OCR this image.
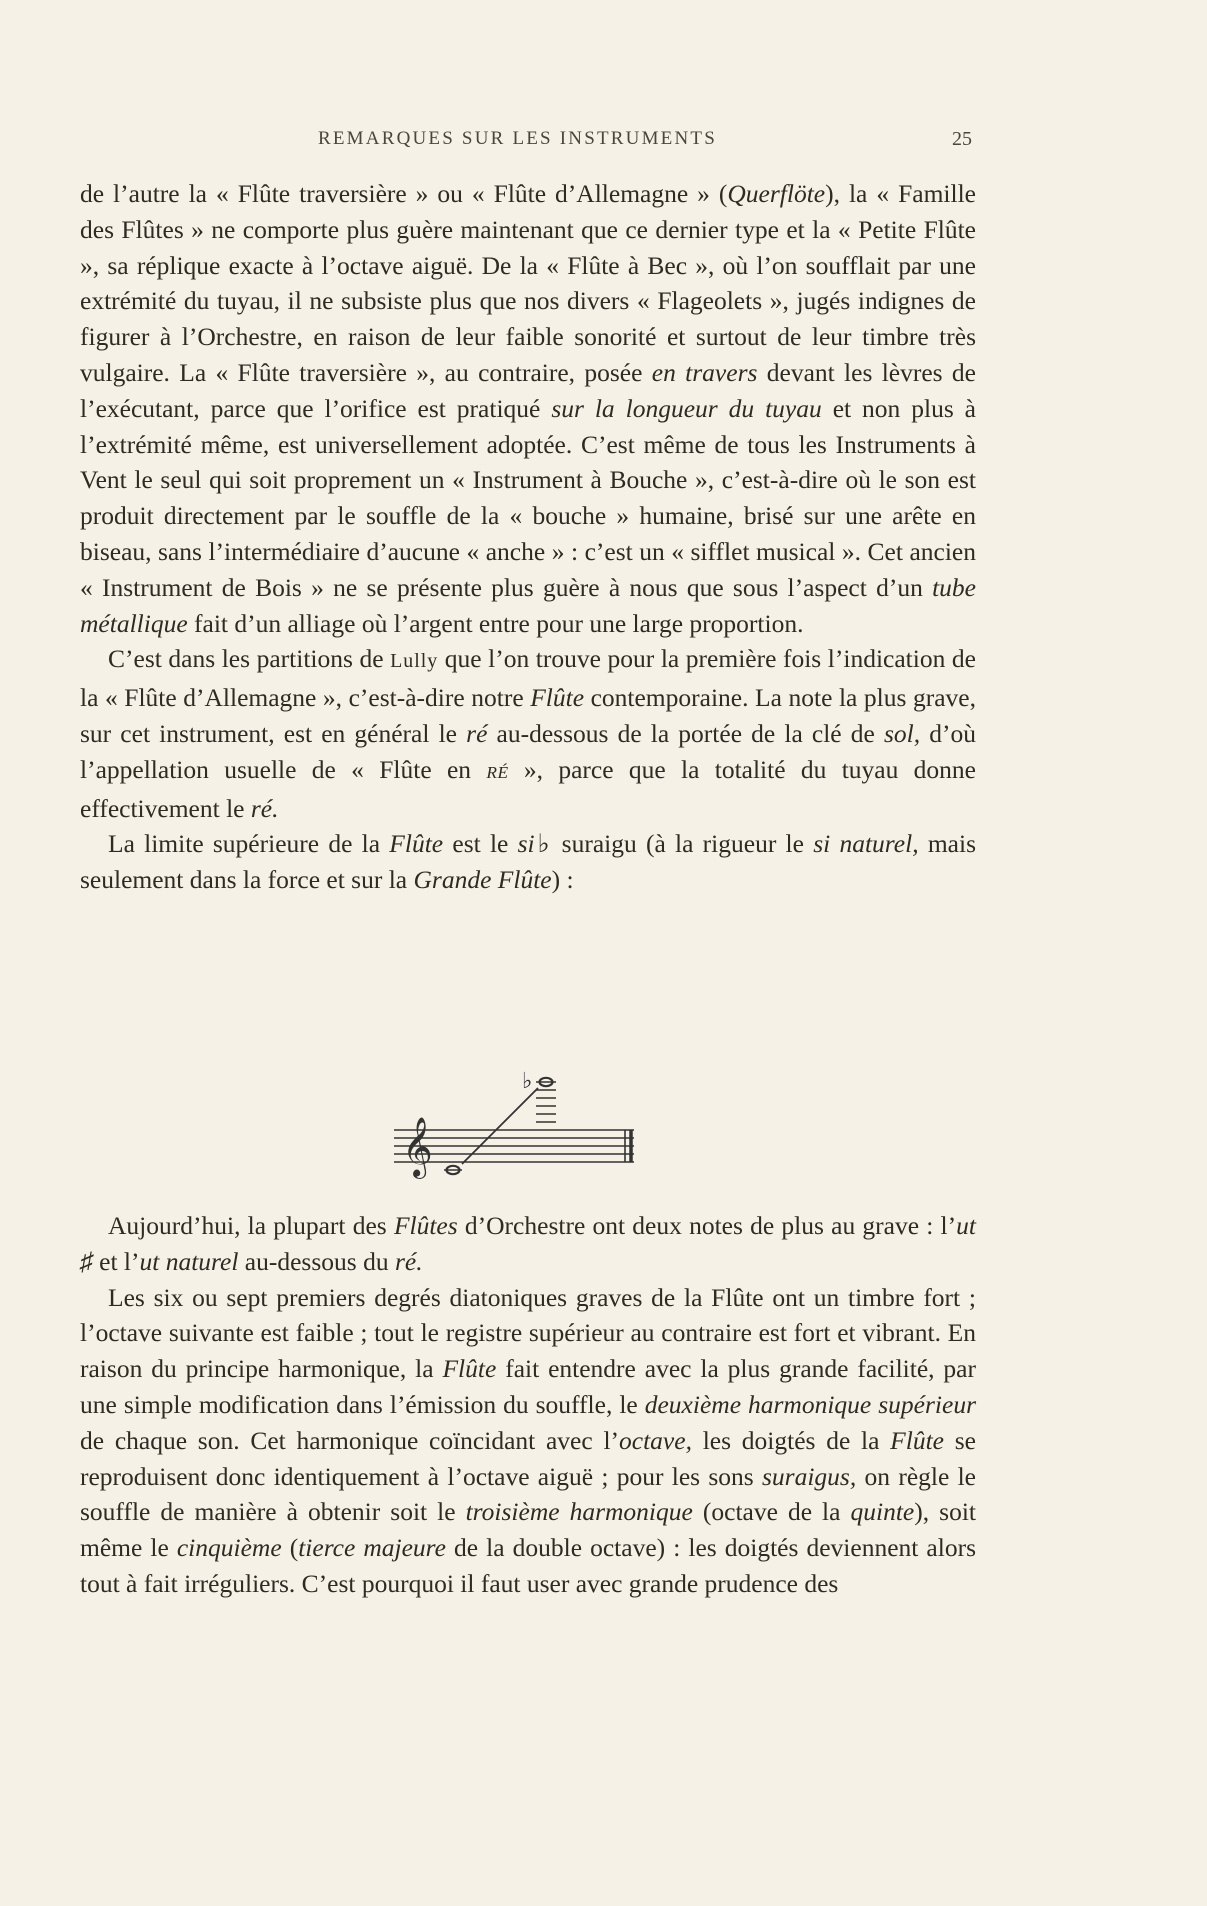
REMARQUES SUR LES INSTRUMENTS	25

de l’autre la « Flûte traversière » ou « Flûte d’Allemagne » (Querflöte), la « Famille des Flûtes » ne comporte plus guère maintenant que ce dernier type et la « Petite Flûte », sa réplique exacte à l’octave aiguë. De la « Flûte à Bec », où l’on soufflait par une extrémité du tuyau, il ne subsiste plus que nos divers « Flageolets », jugés indignes de figurer à l’Orchestre, en raison de leur faible sonorité et surtout de leur timbre très vulgaire. La « Flûte traversière », au contraire, posée en travers devant les lèvres de l’exécutant, parce que l’orifice est pratiqué sur la longueur du tuyau et non plus à l’extrémité même, est universellement adoptée. C’est même de tous les Instruments à Vent le seul qui soit proprement un « Instrument à Bouche », c’est-à-dire où le son est produit directement par le souffle de la « bouche » humaine, brisé sur une arête en biseau, sans l’intermédiaire d’aucune « anche » : c’est un « sifflet musical ». Cet ancien « Instrument de Bois » ne se présente plus guère à nous que sous l’aspect d’un tube métallique fait d’un alliage où l’argent entre pour une large proportion.

C’est dans les partitions de Lully que l’on trouve pour la première fois l’indication de la « Flûte d’Allemagne », c’est-à-dire notre Flûte contemporaine. La note la plus grave, sur cet instrument, est en général le ré au-dessous de la portée de la clé de sol, d’où l’appellation usuelle de « Flûte en RÉ », parce que la totalité du tuyau donne effectivement le ré.

La limite supérieure de la Flûte est le si♭ suraigu (à la rigueur le si naturel, mais seulement dans la force et sur la Grande Flûte) :

𝄞
♭

Aujourd’hui, la plupart des Flûtes d’Orchestre ont deux notes de plus au grave : l’ut ♯ et l’ut naturel au-dessous du ré.

Les six ou sept premiers degrés diatoniques graves de la Flûte ont un timbre fort ; l’octave suivante est faible ; tout le registre supérieur au contraire est fort et vibrant. En raison du principe harmonique, la Flûte fait entendre avec la plus grande facilité, par une simple modification dans l’émission du souffle, le deuxième harmonique supérieur de chaque son. Cet harmonique coïncidant avec l’octave, les doigtés de la Flûte se reproduisent donc identiquement à l’octave aiguë ; pour les sons suraigus, on règle le souffle de manière à obtenir soit le troisième harmonique (octave de la quinte), soit même le cinquième (tierce majeure de la double octave) : les doigtés deviennent alors tout à fait irréguliers. C’est pourquoi il faut user avec grande prudence des
